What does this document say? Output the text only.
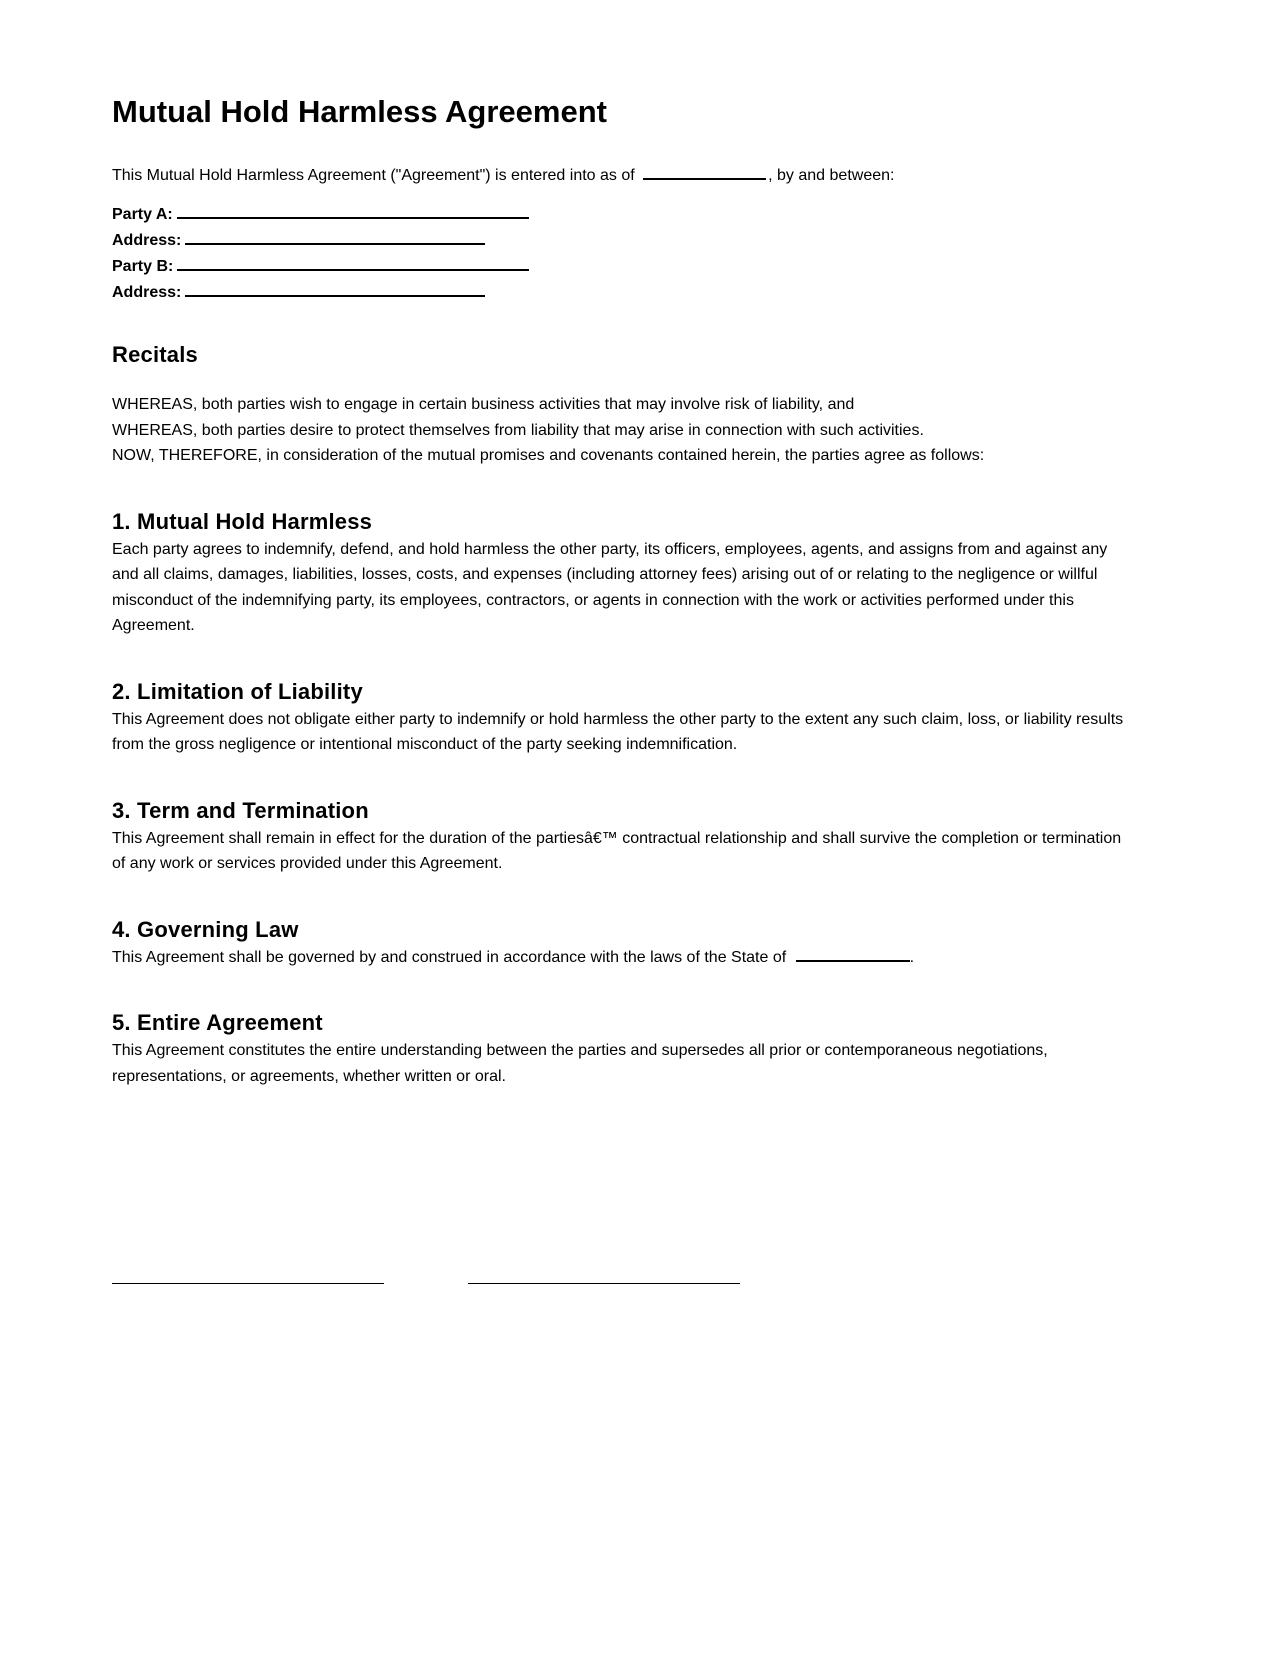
Mutual Hold Harmless Agreement
This Mutual Hold Harmless Agreement ("Agreement") is entered into as of	, by and between:
Party A:
Address:
Party B:
Address:
Recitals
WHEREAS, both parties wish to engage in certain business activities that may involve risk of liability, and
WHEREAS, both parties desire to protect themselves from liability that may arise in connection with such activities.
NOW, THEREFORE, in consideration of the mutual promises and covenants contained herein, the parties agree as follows:
1. Mutual Hold Harmless

Each party agrees to indemnify, defend, and hold harmless the other party, its officers, employees, agents, and assigns from and against any and all claims, damages, liabilities, losses, costs, and expenses (including attorney fees) arising out of or relating to the negligence or willful misconduct of the indemnifying party, its employees, contractors, or agents in connection with the work or activities performed under this Agreement.

2. Limitation of Liability

This Agreement does not obligate either party to indemnify or hold harmless the other party to the extent any such claim, loss, or liability results from the gross negligence or intentional misconduct of the party seeking indemnification.

3. Term and Termination

This Agreement shall remain in effect for the duration of the partiesâ€™ contractual relationship and shall survive the completion or termination of any work or services provided under this Agreement.

4. Governing Law

This Agreement shall be governed by and construed in accordance with the laws of the State of	.

5. Entire Agreement

This Agreement constitutes the entire understanding between the parties and supersedes all prior or contemporaneous negotiations, representations, or agreements, whether written or oral.
